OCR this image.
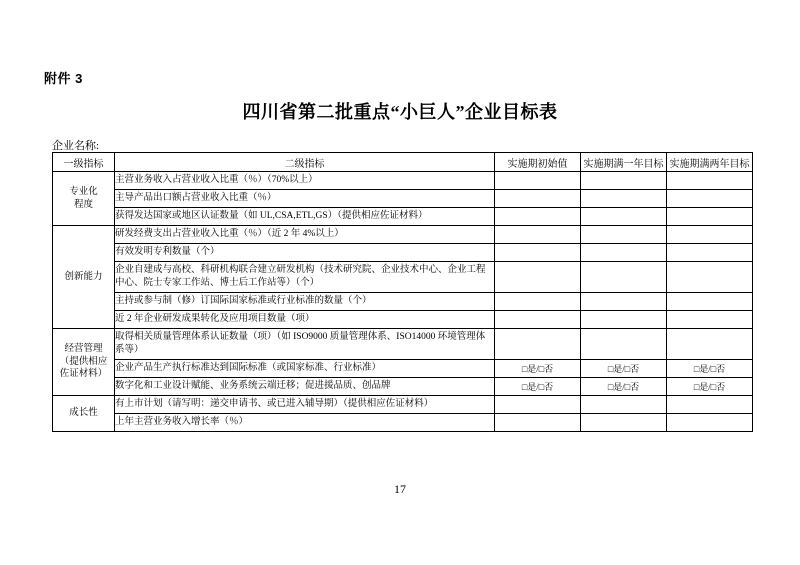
附件 3
四川省第二批重点“小巨人”企业目标表
企业名称:
一级指标	二级指标	实施期初始值	实施期满一年目标	实施期满两年目标
专业化
程度	主营业务收入占营业收入比重（％）（70%以上）			
	主导产品出口额占营业收入比重（％）			
	获得发达国家或地区认证数量（如 UL,CSA,ETL,GS）（提供相应佐证材料）			
创新能力	研发经费支出占营业收入比重（％）（近 2 年 4%以上）			
	有效发明专利数量（个）			
	企业自建成与高校、科研机构联合建立研发机构（技术研究院、企业技术中心、企业工程中心、院士专家工作站、博士后工作站等）（个）			
	主持或参与制（修）订国际国家标准或行业标准的数量（个）			
	近 2 年企业研发成果转化及应用项目数量（项）			
经营管理
（提供相应
佐证材料）	取得相关质量管理体系认证数量（项）（如 ISO9000 质量管理体系、ISO14000 环境管理体系等）			
	企业产品生产执行标准达到国际标准（或国家标准、行业标准）	□是/□否	□是/□否	□是/□否
	数字化和工业设计赋能、业务系统云端迁移；促进援品质、创品牌	□是/□否	□是/□否	□是/□否
成长性	有上市计划（请写明：递交申请书、或已进入辅导期）（提供相应佐证材料）			
	上年主营业务收入增长率（％）			
17
